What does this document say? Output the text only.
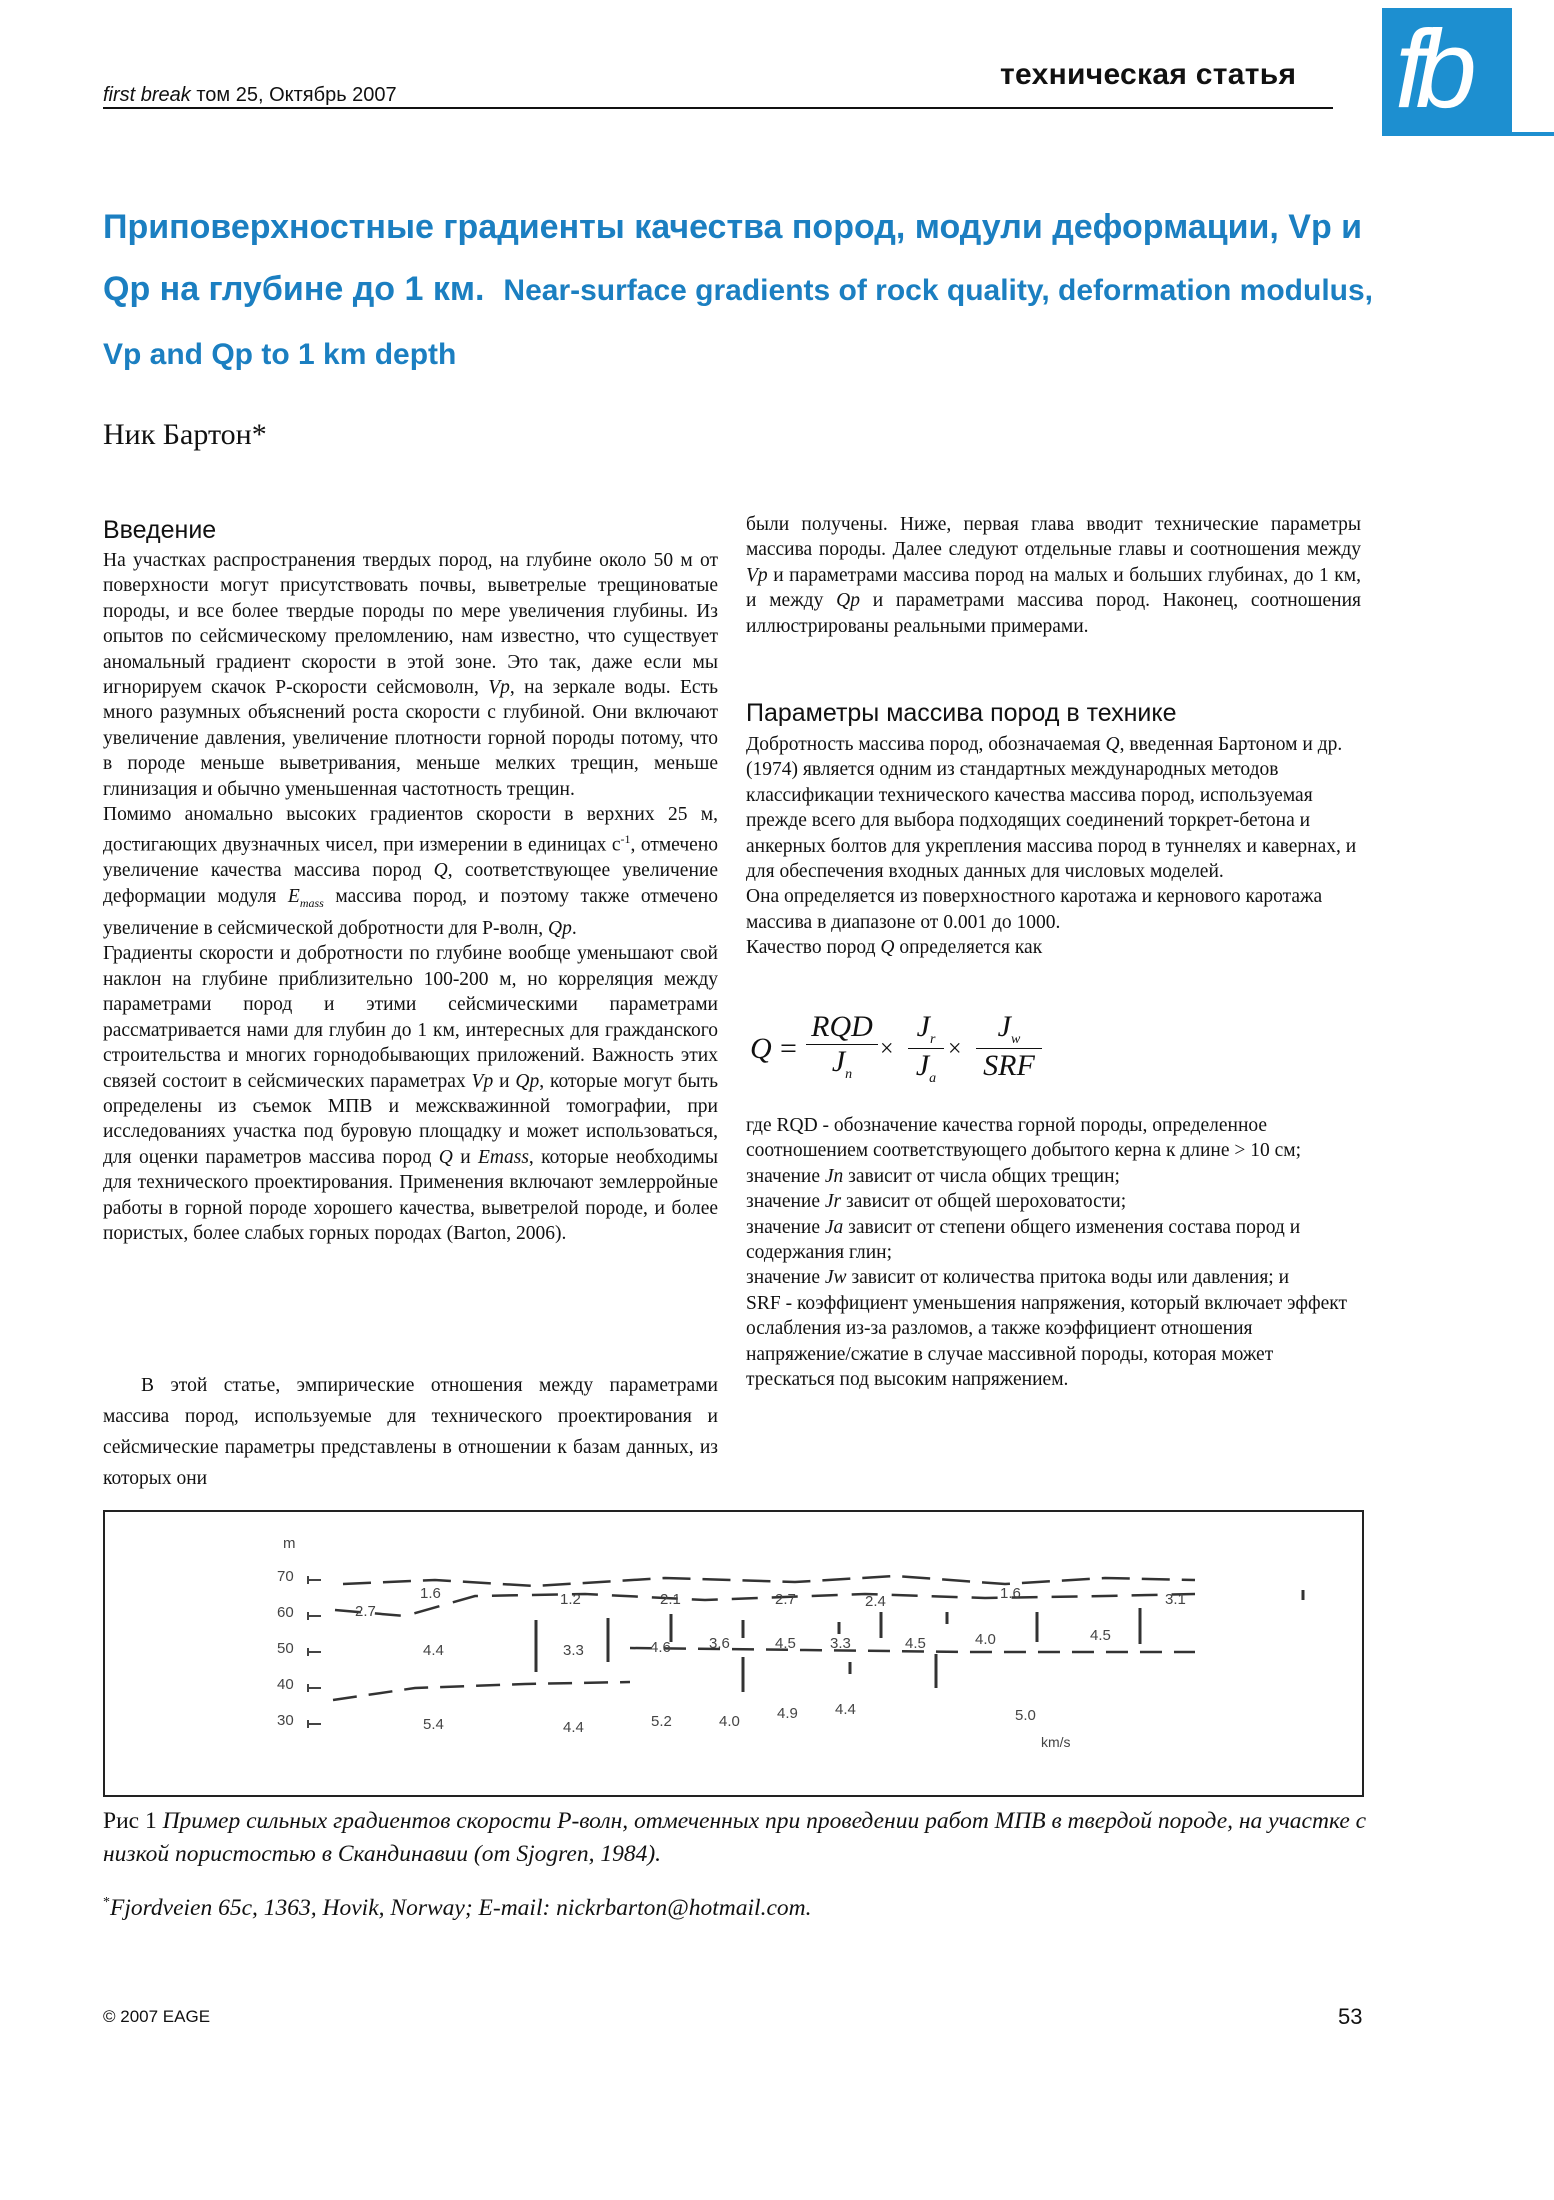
first break том 25, Октябрь 2007
техническая статья fb
Приповерхностные градиенты качества пород, модули деформации, Vp и Qp на глубине до 1 км. Near-surface gradients of rock quality, deformation modulus, Vp and Qp to 1 km depth
Ник Бартон*
Введение

На участках распространения твердых пород, на глубине около 50 м от поверхности могут присутствовать почвы, выветрелые трещиноватые породы, и все более твердые породы по мере увеличения глубины. Из опытов по сейсмическому преломлению, нам известно, что существует аномальный градиент скорости в этой зоне. Это так, даже если мы игнорируем скачок P-скорости сейсмоволн, Vp, на зеркале воды. Есть много разумных объяснений роста скорости с глубиной. Они включают увеличение давления, увеличение плотности горной породы потому, что в породе меньше выветривания, меньше мелких трещин, меньше глинизация и обычно уменьшенная частотность трещин.

Помимо аномально высоких градиентов скорости в верхних 25 м, достигающих двузначных чисел, при измерении в единицах $с^{-1}$, отмечено увеличение качества массива пород Q, соответствующее увеличение деформации модуля $E_{mass}$ массива пород, и поэтому также отмечено увеличение в сейсмической добротности для P-волн, Qp.

Градиенты скорости и добротности по глубине вообще уменьшают свой наклон на глубине приблизительно 100-200 м, но корреляция между параметрами пород и этими сейсмическими параметрами рассматривается нами для глубин до 1 км, интересных для гражданского строительства и многих горнодобывающих приложений. Важность этих связей состоит в сейсмических параметрах Vp и Qp, которые могут быть определены из съемок МПВ и межскважинной томографии, при исследованиях участка под буровую площадку и может использоваться, для оценки параметров массива пород Q и Emass, которые необходимы для технического проектирования. Применения включают землерройные работы в горной породе хорошего качества, выветрелой породе, и более пористых, более слабых горных породах (Barton, 2006).

В этой статье, эмпирические отношения между параметрами массива пород, используемые для технического проектирования и сейсмические параметры представлены в отношении к базам данных, из которых они
были получены. Ниже, первая глава вводит технические параметры массива породы. Далее следуют отдельные главы и соотношения между Vp и параметрами массива пород на малых и больших глубинах, до 1 км, и между Qp и параметрами массива пород. Наконец, соотношения иллюстрированы реальными примерами.
Параметры массива пород в технике
Добротность массива пород, обозначаемая Q, введенная Бартоном и др. (1974) является одним из стандартных международных методов классификации технического качества массива пород, используемая прежде всего для выбора подходящих соединений торкрет-бетона и анкерных болтов для укрепления массива пород в туннелях и кавернах, и для обеспечения входных данных для числовых моделей.
Она определяется из поверхностного каротажа и кернового каротажа массива в диапазоне от 0.001 до 1000.
Качество пород Q определяется как
Q =
RQD
$J_n$
× $\frac{J_r}{J_a}$ ×
$J_w$
SRF
где RQD - обозначение качества горной породы, определенное соотношением соответствующего добытого керна к длине > 10 см;
значение Jn зависит от числа общих трещин;
значение Jr зависит от общей шероховатости;
значение Ja зависит от степени общего изменения состава пород и содержания глин;
значение Jw зависит от количества притока воды или давления; и
SRF - коэффициент уменьшения напряжения, который включает эффект ослабления из-за разломов, а также коэффициент отношения напряжение/сжатие в случае массивной породы, которая может трескаться под высоким напряжением.
m
70
60
50
40
30
2.7
1.6	1.2	2.1	2.7	2.4	1.6	3.1
4.4	3.3	4.6	3.6	4.5 3.3	4.5	4.0	4.5
5.4	4.4	5.2	4.0 4.9 4.4	5.0
km/s
Рис 1 Пример сильных градиентов скорости P-волн, отмеченных при проведении работ МПВ в твердой породе, на участке с низкой пористостью в Скандинавии (от Sjogren, 1984).
*Fjordveien 65c, 1363, Hovik, Norway; E-mail: nickrbarton@hotmail.com.
© 2007 EAGE	53
